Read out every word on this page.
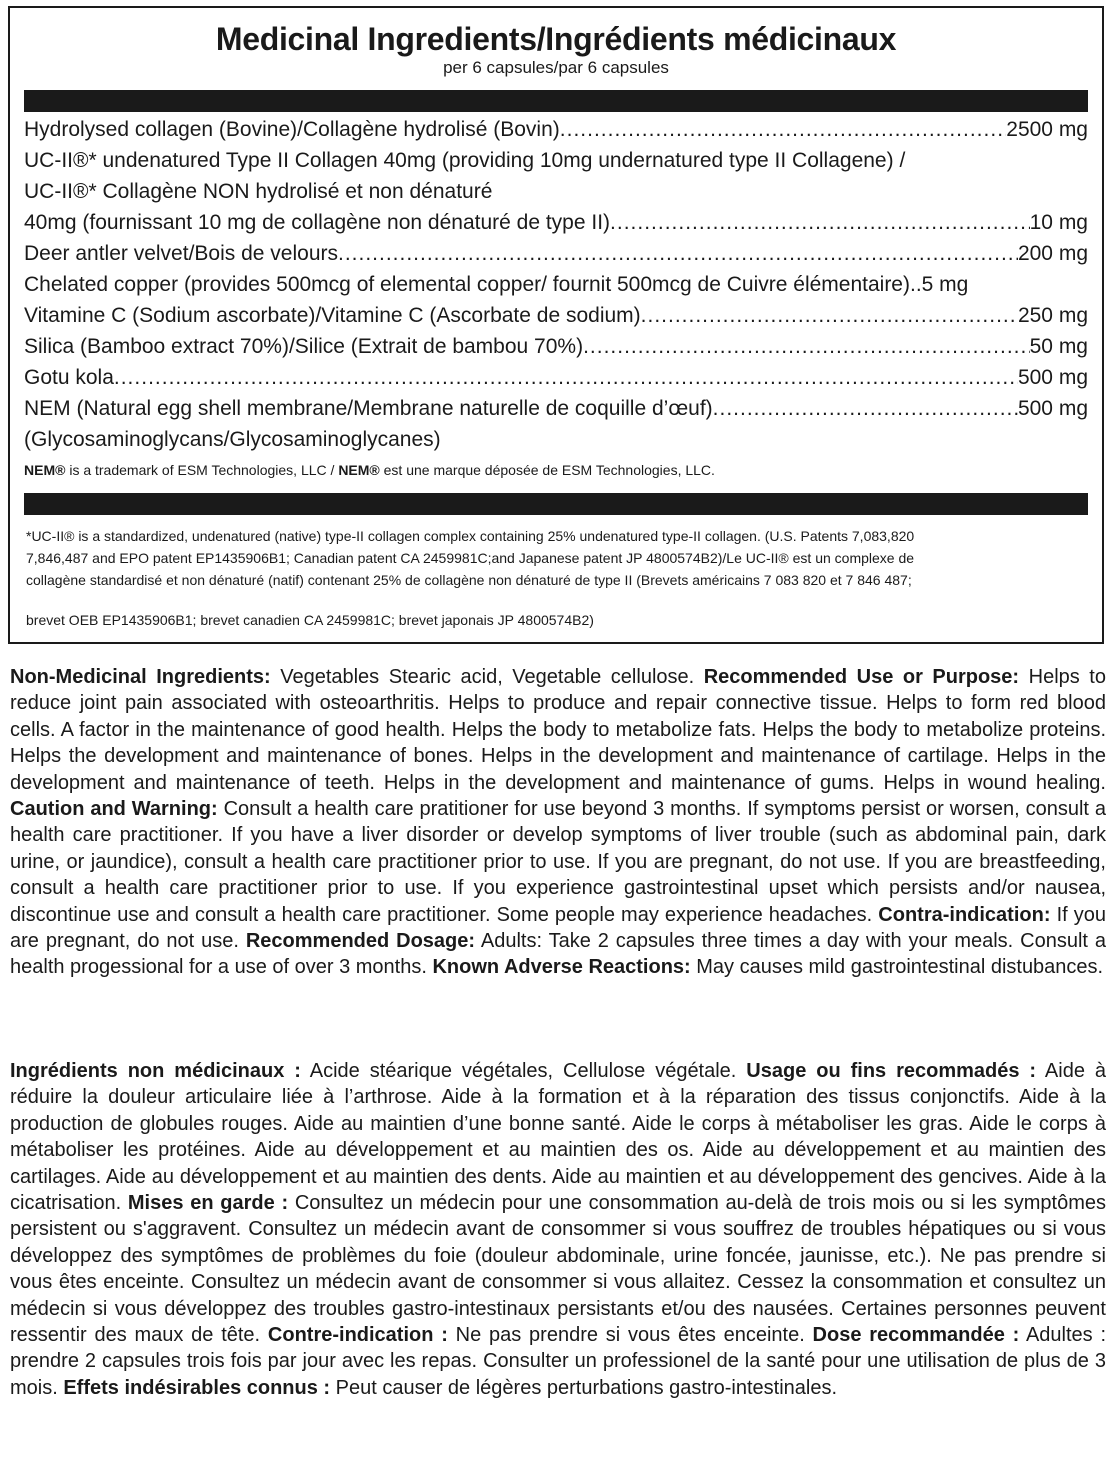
Medicinal Ingredients/Ingrédients médicinaux
per 6 capsules/par 6 capsules
Hydrolysed collagen (Bovine)/Collagène hydrolisé (Bovin) .....	2500 mg
UC-II®* undenatured Type II Collagen 40mg (providing 10mg undernatured type II Collagene) /
UC-II®* Collagène NON hydrolisé et non dénaturé
40mg (fournissant 10 mg de collagène non dénaturé de type II) .....	10 mg
Deer antler velvet/Bois de velours .....	200 mg
Chelated copper (provides 500mcg of elemental copper/ fournit 500mcg de Cuivre élémentaire) ..5 mg
Vitamine C (Sodium ascorbate)/Vitamine C (Ascorbate de sodium) .....	250 mg
Silica (Bamboo extract 70%)/Silice (Extrait de bambou 70%) .....	50 mg
Gotu kola .....	500 mg
NEM (Natural egg shell membrane/Membrane naturelle de coquille d’œuf) .....	500 mg
(Glycosaminoglycans/Glycosaminoglycanes)
NEM® is a trademark of ESM Technologies, LLC / NEM® est une marque déposée de ESM Technologies, LLC.
*UC-II® is a standardized, undenatured (native) type-II collagen complex containing 25% undenatured type-II collagen. (U.S. Patents 7,083,820
7,846,487 and EPO patent EP1435906B1; Canadian patent CA 2459981C;and Japanese patent JP 4800574B2)/Le UC-II® est un complexe de
collagène standardisé et non dénaturé (natif) contenant 25% de collagène non dénaturé de type II (Brevets américains 7 083 820 et 7 846 487;
brevet OEB EP1435906B1; brevet canadien CA 2459981C; brevet japonais JP 4800574B2)
Non-Medicinal Ingredients: Vegetables Stearic acid, Vegetable cellulose. Recommended Use or Purpose: Helps to reduce joint pain associated with osteoarthritis. Helps to produce and repair connective tissue. Helps to form red blood cells. A factor in the maintenance of good health. Helps the body to metabolize fats. Helps the body to metabolize proteins. Helps the development and maintenance of bones. Helps in the development and maintenance of cartilage. Helps in the development and maintenance of teeth. Helps in the development and maintenance of gums. Helps in wound healing. Caution and Warning: Consult a health care pratitioner for use beyond 3 months. If symptoms persist or worsen, consult a health care practitioner. If you have a liver disorder or develop symptoms of liver trouble (such as abdominal pain, dark urine, or jaundice), consult a health care practitioner prior to use. If you are pregnant, do not use. If you are breastfeeding, consult a health care practitioner prior to use. If you experience gastrointestinal upset which persists and/or nausea, discontinue use and consult a health care practitioner. Some people may experience headaches. Contra-indication: If you are pregnant, do not use. Recommended Dosage: Adults: Take 2 capsules three times a day with your meals. Consult a health progessional for a use of over 3 months. Known Adverse Reactions: May causes mild gastrointestinal distubances.
Ingrédients non médicinaux : Acide stéarique végétales, Cellulose végétale. Usage ou fins recommadés : Aide à réduire la douleur articulaire liée à l’arthrose. Aide à la formation et à la réparation des tissus conjonctifs. Aide à la production de globules rouges. Aide au maintien d’une bonne santé. Aide le corps à métaboliser les gras. Aide le corps à métaboliser les protéines. Aide au développement et au maintien des os. Aide au développement et au maintien des cartilages. Aide au développement et au maintien des dents. Aide au maintien et au développement des gencives. Aide à la cicatrisation. Mises en garde : Consultez un médecin pour une consommation au-delà de trois mois ou si les symptômes persistent ou s'aggravent. Consultez un médecin avant de consommer si vous souffrez de troubles hépatiques ou si vous développez des symptômes de problèmes du foie (douleur abdominale, urine foncée, jaunisse, etc.). Ne pas prendre si vous êtes enceinte. Consultez un médecin avant de consommer si vous allaitez. Cessez la consommation et consultez un médecin si vous développez des troubles gastro-intestinaux persistants et/ou des nausées. Certaines personnes peuvent ressentir des maux de tête. Contre-indication : Ne pas prendre si vous êtes enceinte. Dose recommandée : Adultes : prendre 2 capsules trois fois par jour avec les repas. Consulter un professionel de la santé pour une utilisation de plus de 3 mois. Effets indésirables connus : Peut causer de légères perturbations gastro-intestinales.
